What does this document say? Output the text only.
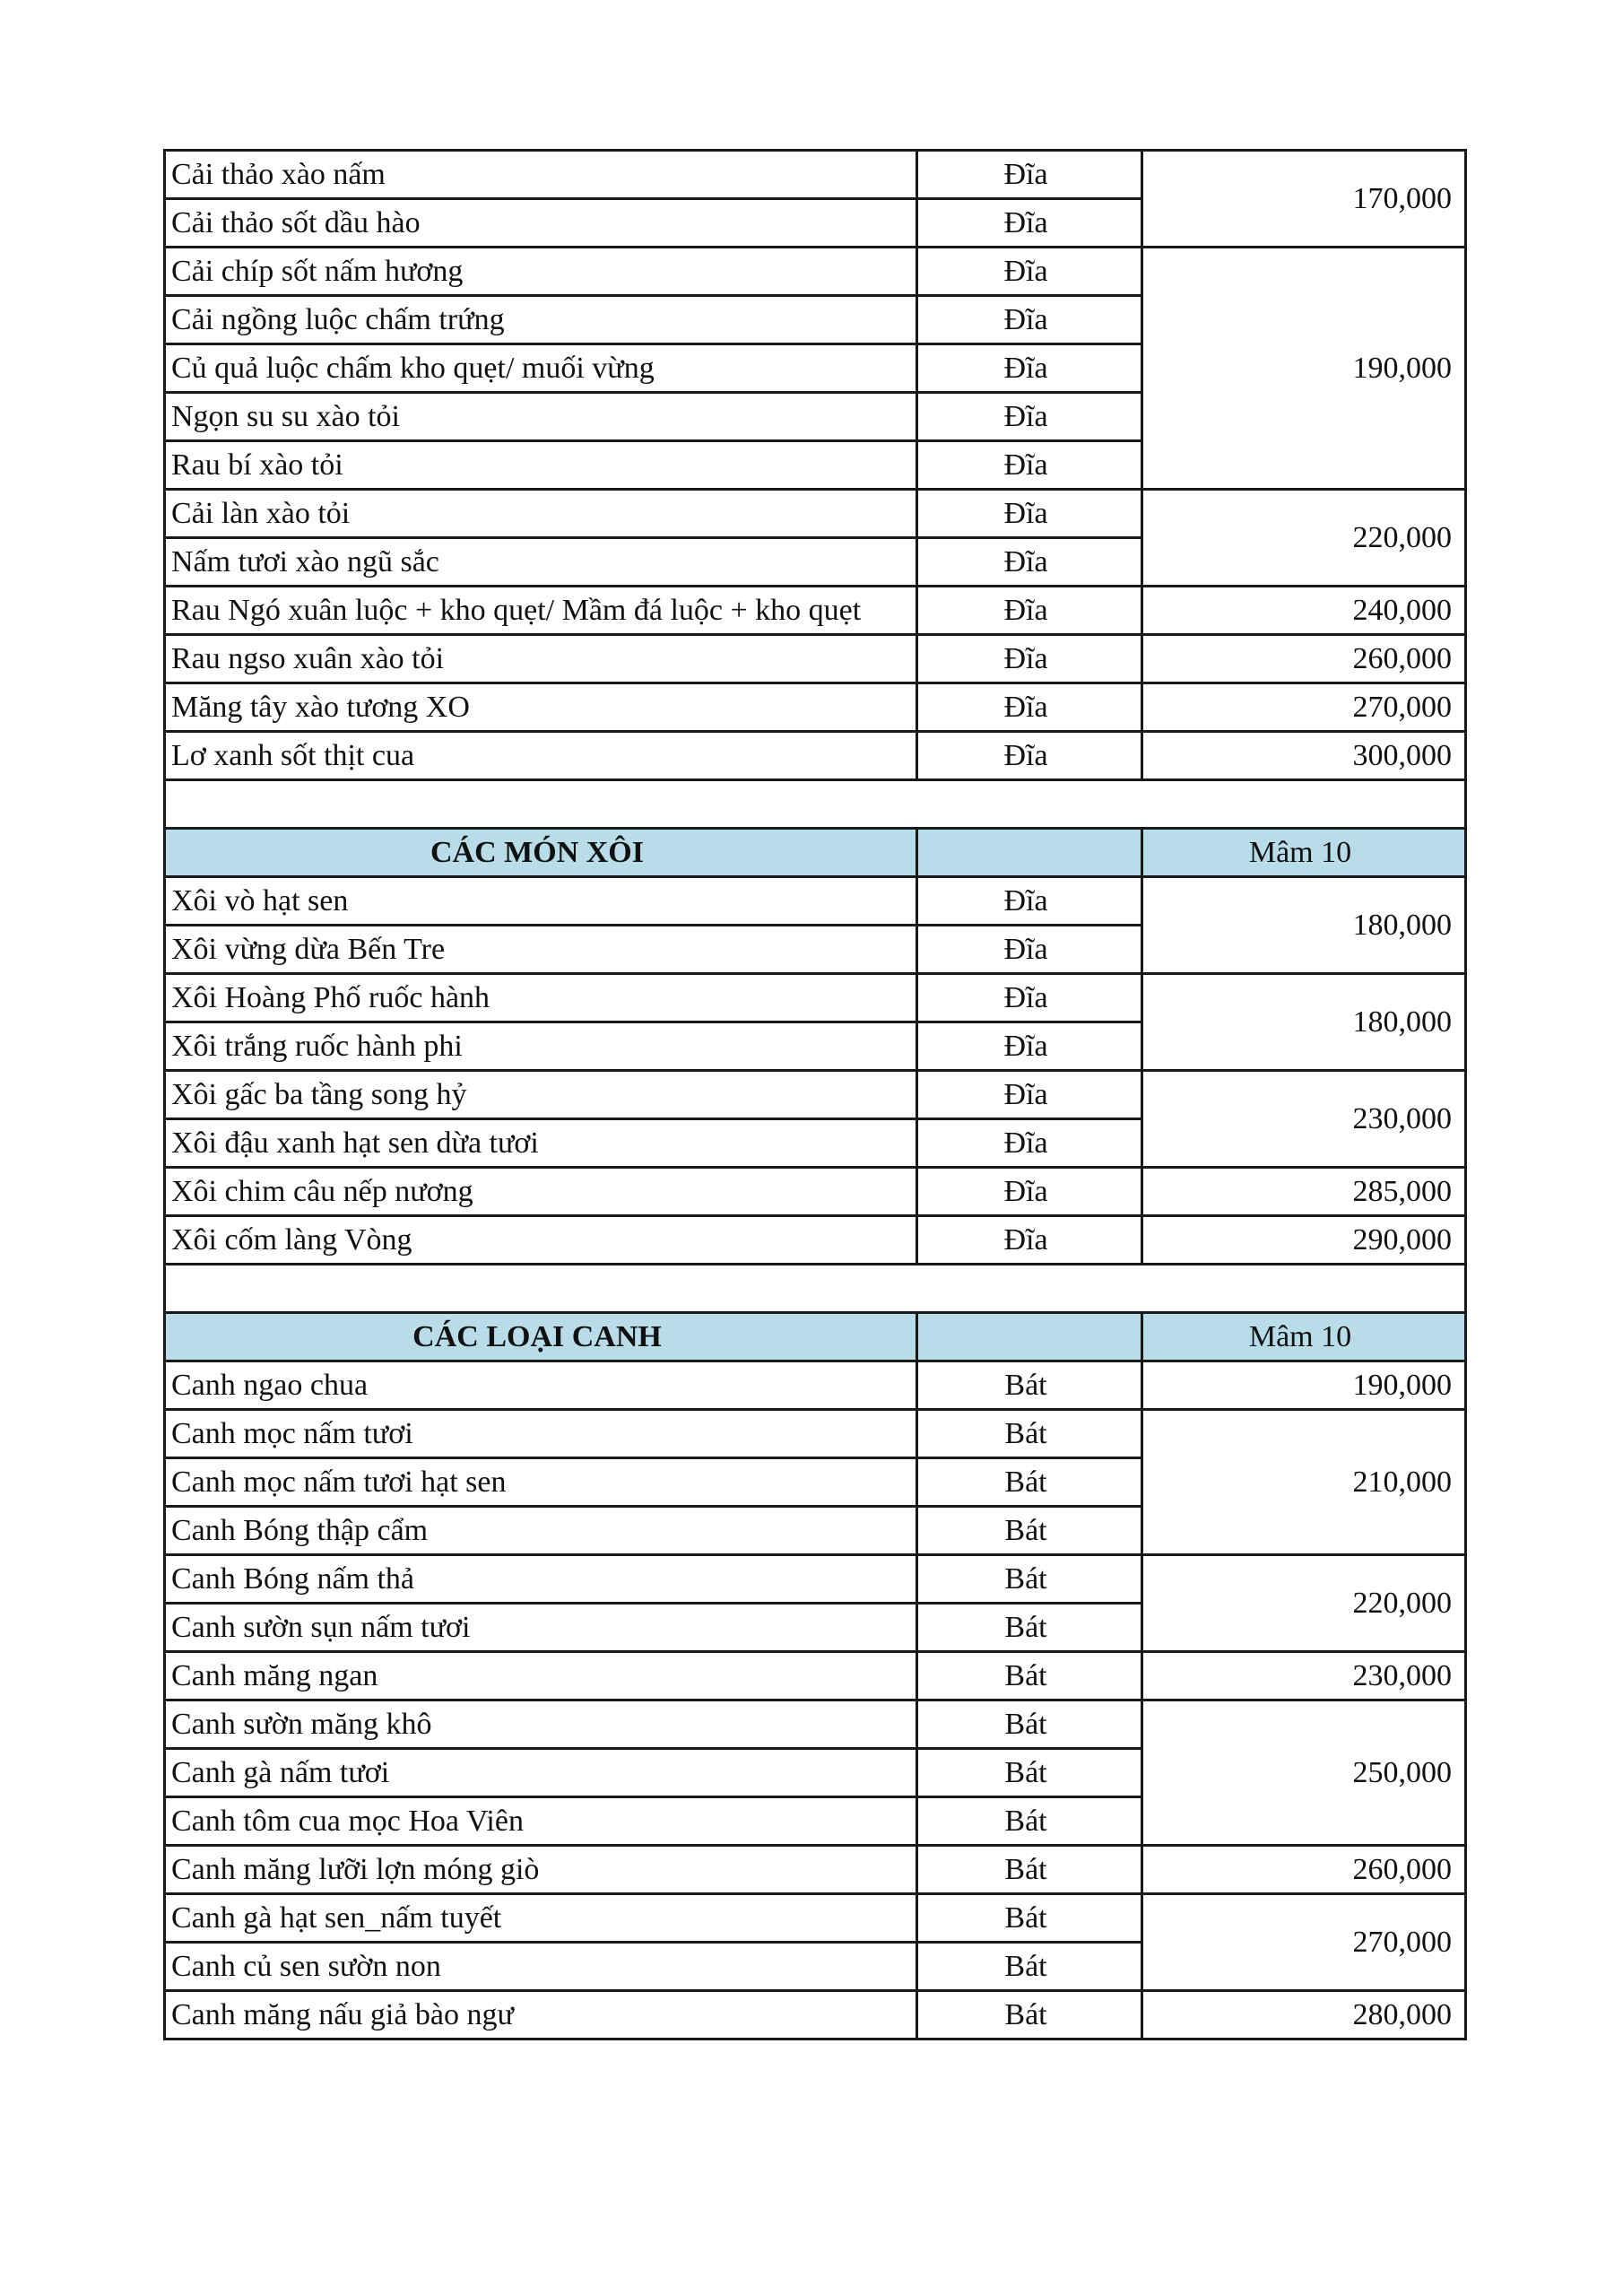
Cải thảo xào nấm	Đĩa	170,000
Cải thảo sốt dầu hào	Đĩa	
Cải chíp sốt nấm hương	Đĩa	190,000
Cải ngồng luộc chấm trứng	Đĩa	
Củ quả luộc chấm kho quẹt/ muối vừng	Đĩa	
Ngọn su su xào tỏi	Đĩa	
Rau bí xào tỏi	Đĩa	
Cải làn xào tỏi	Đĩa	220,000
Nấm tươi xào ngũ sắc	Đĩa	
Rau Ngó xuân luộc + kho quẹt/ Mầm đá luộc + kho quẹt	Đĩa	240,000
Rau ngso xuân xào tỏi	Đĩa	260,000
Măng tây xào tương XO	Đĩa	270,000
Lơ xanh sốt thịt cua	Đĩa	300,000

CÁC MÓN XÔI		Mâm 10
Xôi vò hạt sen	Đĩa	180,000
Xôi vừng dừa Bến Tre	Đĩa	
Xôi Hoàng Phố ruốc hành	Đĩa	180,000
Xôi trắng ruốc hành phi	Đĩa	
Xôi gấc ba tầng song hỷ	Đĩa	230,000
Xôi đậu xanh hạt sen dừa tươi	Đĩa	
Xôi chim câu nếp nương	Đĩa	285,000
Xôi cốm làng Vòng	Đĩa	290,000

CÁC LOẠI CANH		Mâm 10
Canh ngao chua	Bát	190,000
Canh mọc nấm tươi	Bát	210,000
Canh mọc nấm tươi hạt sen	Bát	
Canh Bóng thập cẩm	Bát	
Canh Bóng nấm thả	Bát	220,000
Canh sườn sụn nấm tươi	Bát	
Canh măng ngan	Bát	230,000
Canh sườn măng khô	Bát	250,000
Canh gà nấm tươi	Bát	
Canh tôm cua mọc Hoa Viên	Bát	
Canh măng lưỡi lợn móng giò	Bát	260,000
Canh gà hạt sen_nấm tuyết	Bát	270,000
Canh củ sen sườn non	Bát	
Canh măng nấu giả bào ngư	Bát	280,000
